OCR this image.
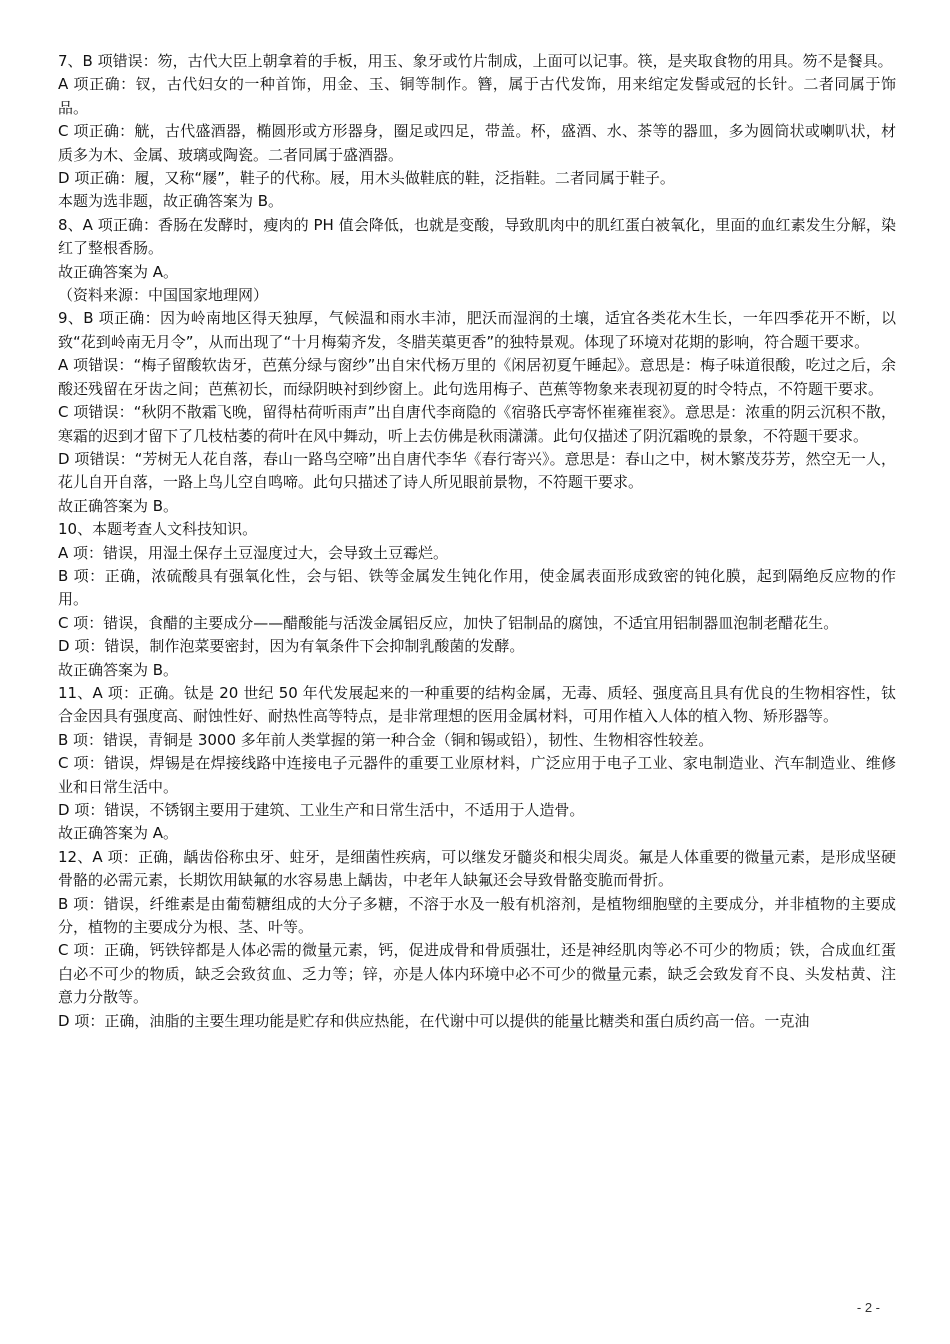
7、B 项错误：笏，古代大臣上朝拿着的手板，用玉、象牙或竹片制成，上面可以记事。筷，是夹取食物的用具。笏不是餐具。

A 项正确：钗，古代妇女的一种首饰，用金、玉、铜等制作。簪，属于古代发饰，用来绾定发髻或冠的长针。二者同属于饰品。

C 项正确：觥，古代盛酒器，椭圆形或方形器身，圈足或四足，带盖。杯，盛酒、水、茶等的器皿，多为圆筒状或喇叭状，材质多为木、金属、玻璃或陶瓷。二者同属于盛酒器。

D 项正确：履，又称“屦”，鞋子的代称。屐，用木头做鞋底的鞋，泛指鞋。二者同属于鞋子。

本题为选非题，故正确答案为 B。

8、A 项正确：香肠在发酵时，瘦肉的 PH 值会降低，也就是变酸，导致肌肉中的肌红蛋白被氧化，里面的血红素发生分解，染红了整根香肠。

故正确答案为 A。

（资料来源：中国国家地理网）

9、B 项正确：因为岭南地区得天独厚，气候温和雨水丰沛，肥沃而湿润的土壤，适宜各类花木生长，一年四季花开不断，以致“花到岭南无月令”，从而出现了“十月梅菊齐发，冬腊芙蕖更香”的独特景观。体现了环境对花期的影响，符合题干要求。

A 项错误：“梅子留酸软齿牙，芭蕉分绿与窗纱”出自宋代杨万里的《闲居初夏午睡起》。意思是：梅子味道很酸，吃过之后，余酸还残留在牙齿之间；芭蕉初长，而绿阴映衬到纱窗上。此句选用梅子、芭蕉等物象来表现初夏的时令特点，不符题干要求。

C 项错误：“秋阴不散霜飞晚，留得枯荷听雨声”出自唐代李商隐的《宿骆氏亭寄怀崔雍崔衮》。意思是：浓重的阴云沉积不散，寒霜的迟到才留下了几枝枯萎的荷叶在风中舞动，听上去仿佛是秋雨潇潇。此句仅描述了阴沉霜晚的景象，不符题干要求。

D 项错误：“芳树无人花自落，春山一路鸟空啼”出自唐代李华《春行寄兴》。意思是：春山之中，树木繁茂芬芳，然空无一人，花儿自开自落，一路上鸟儿空自鸣啼。此句只描述了诗人所见眼前景物，不符题干要求。

故正确答案为 B。

10、本题考查人文科技知识。

A 项：错误，用湿土保存土豆湿度过大，会导致土豆霉烂。

B 项：正确，浓硫酸具有强氧化性，会与铝、铁等金属发生钝化作用，使金属表面形成致密的钝化膜，起到隔绝反应物的作用。

C 项：错误，食醋的主要成分——醋酸能与活泼金属铝反应，加快了铝制品的腐蚀，不适宜用铝制器皿泡制老醋花生。

D 项：错误，制作泡菜要密封，因为有氧条件下会抑制乳酸菌的发酵。

故正确答案为 B。

11、A 项：正确。钛是 20 世纪 50 年代发展起来的一种重要的结构金属，无毒、质轻、强度高且具有优良的生物相容性，钛合金因具有强度高、耐蚀性好、耐热性高等特点，是非常理想的医用金属材料，可用作植入人体的植入物、矫形器等。

B 项：错误，青铜是 3000 多年前人类掌握的第一种合金（铜和锡或铅），韧性、生物相容性较差。

C 项：错误，焊锡是在焊接线路中连接电子元器件的重要工业原材料，广泛应用于电子工业、家电制造业、汽车制造业、维修业和日常生活中。

D 项：错误，不锈钢主要用于建筑、工业生产和日常生活中，不适用于人造骨。

故正确答案为 A。

12、A 项：正确，龋齿俗称虫牙、蛀牙，是细菌性疾病，可以继发牙髓炎和根尖周炎。氟是人体重要的微量元素，是形成坚硬骨骼的必需元素，长期饮用缺氟的水容易患上龋齿，中老年人缺氟还会导致骨骼变脆而骨折。

B 项：错误，纤维素是由葡萄糖组成的大分子多糖，不溶于水及一般有机溶剂，是植物细胞壁的主要成分，并非植物的主要成分，植物的主要成分为根、茎、叶等。

C 项：正确，钙铁锌都是人体必需的微量元素，钙，促进成骨和骨质强壮，还是神经肌肉等必不可少的物质；铁，合成血红蛋白必不可少的物质，缺乏会致贫血、乏力等；锌，亦是人体内环境中必不可少的微量元素，缺乏会致发育不良、头发枯黄、注意力分散等。

D 项：正确，油脂的主要生理功能是贮存和供应热能，在代谢中可以提供的能量比糖类和蛋白质约高一倍。一克油

- 2 -
